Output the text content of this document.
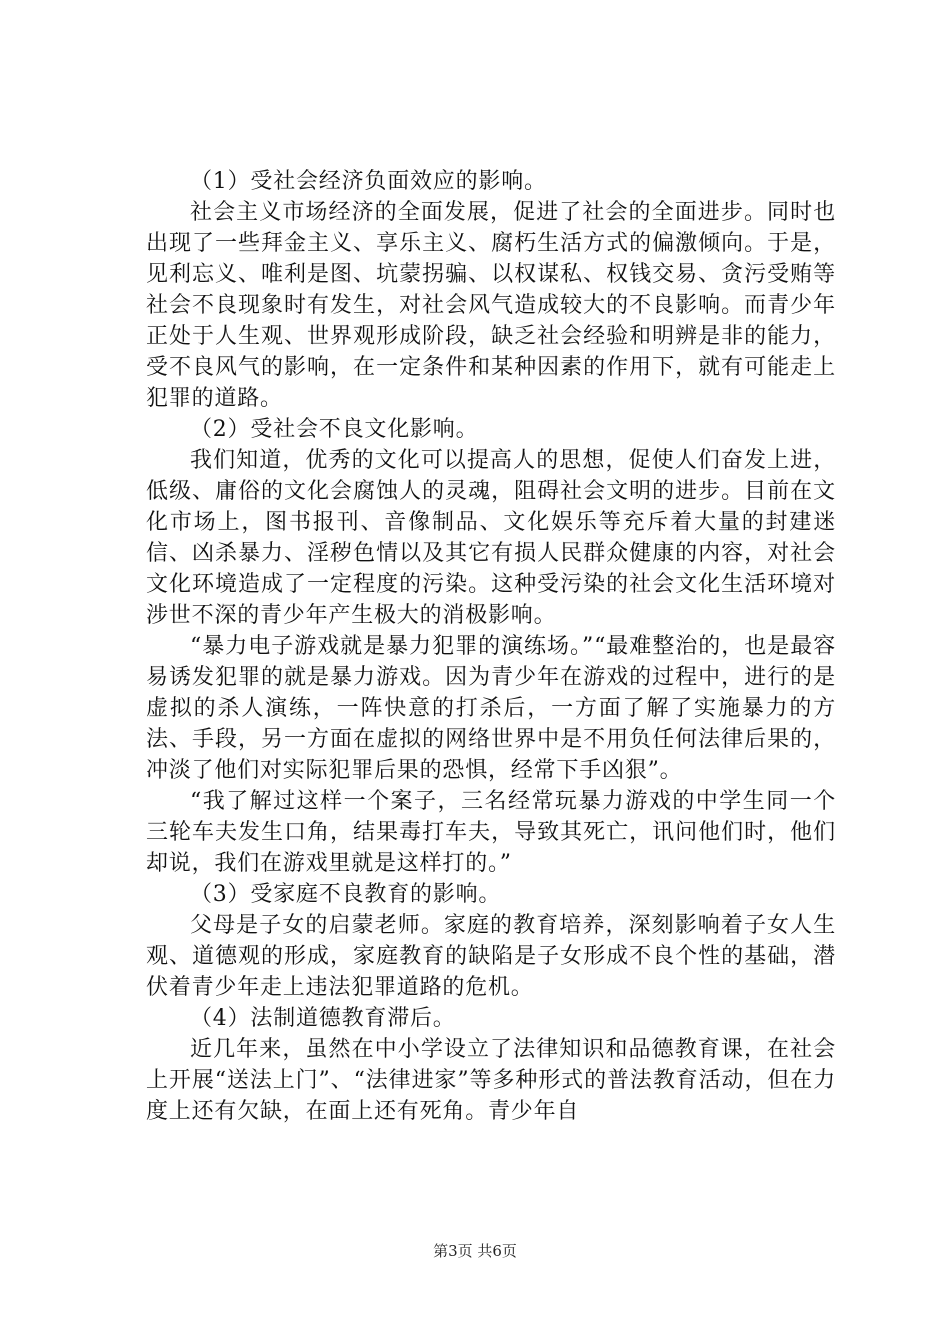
（1）受社会经济负面效应的影响。

社会主义市场经济的全面发展，促进了社会的全面进步。同时也出现了一些拜金主义、享乐主义、腐朽生活方式的偏激倾向。于是，见利忘义、唯利是图、坑蒙拐骗、以权谋私、权钱交易、贪污受贿等社会不良现象时有发生，对社会风气造成较大的不良影响。而青少年正处于人生观、世界观形成阶段，缺乏社会经验和明辨是非的能力，受不良风气的影响，在一定条件和某种因素的作用下，就有可能走上犯罪的道路。

（2）受社会不良文化影响。

我们知道，优秀的文化可以提高人的思想，促使人们奋发上进，低级、庸俗的文化会腐蚀人的灵魂，阻碍社会文明的进步。目前在文化市场上，图书报刊、音像制品、文化娱乐等充斥着大量的封建迷信、凶杀暴力、淫秽色情以及其它有损人民群众健康的内容，对社会文化环境造成了一定程度的污染。这种受污染的社会文化生活环境对涉世不深的青少年产生极大的消极影响。

“暴力电子游戏就是暴力犯罪的演练场。”“最难整治的，也是最容易诱发犯罪的就是暴力游戏。因为青少年在游戏的过程中，进行的是虚拟的杀人演练，一阵快意的打杀后，一方面了解了实施暴力的方法、手段，另一方面在虚拟的网络世界中是不用负任何法律后果的，冲淡了他们对实际犯罪后果的恐惧，经常下手凶狠”。

“我了解过这样一个案子，三名经常玩暴力游戏的中学生同一个三轮车夫发生口角，结果毒打车夫，导致其死亡，讯问他们时，他们却说，我们在游戏里就是这样打的。”

（3）受家庭不良教育的影响。

父母是子女的启蒙老师。家庭的教育培养，深刻影响着子女人生观、道德观的形成，家庭教育的缺陷是子女形成不良个性的基础，潜伏着青少年走上违法犯罪道路的危机。

（4）法制道德教育滞后。

近几年来，虽然在中小学设立了法律知识和品德教育课，在社会上开展“送法上门”、“法律进家”等多种形式的普法教育活动，但在力度上还有欠缺，在面上还有死角。青少年自

第3页 共6页
